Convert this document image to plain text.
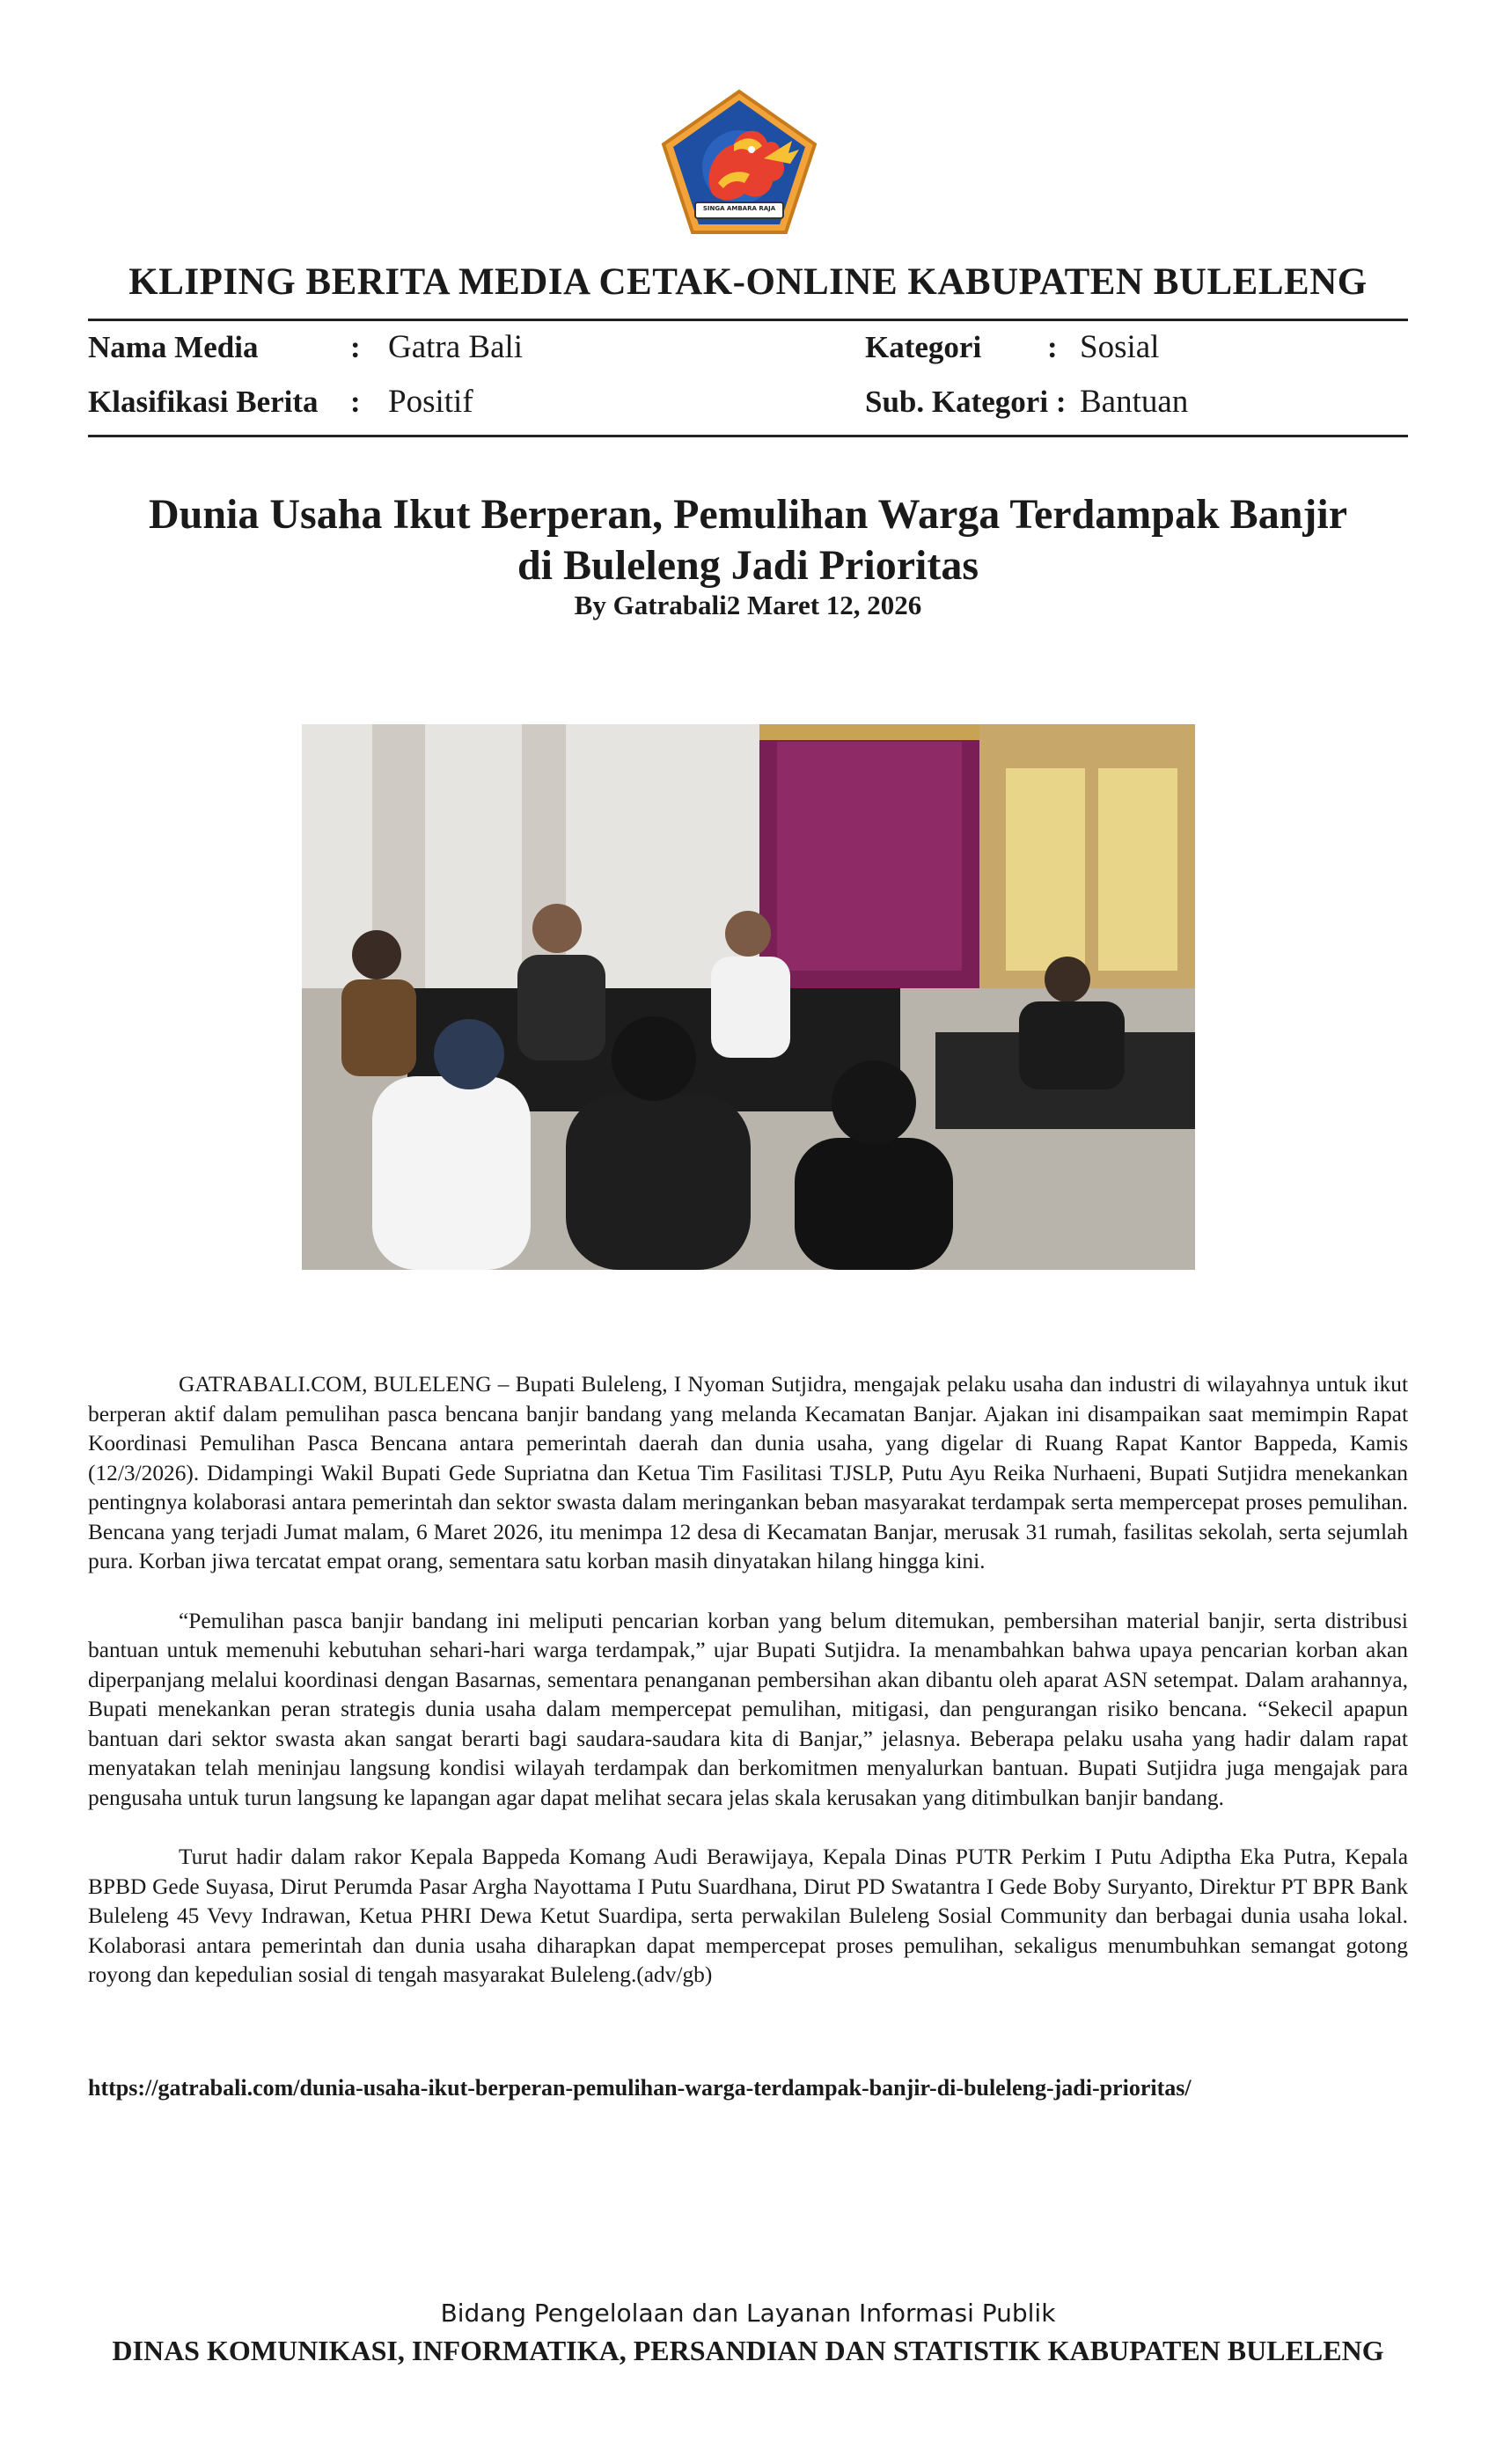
SINGA AMBARA RAJA
KLIPING BERITA MEDIA CETAK-ONLINE KABUPATEN BULELENG
Nama Media	: Gatra Bali
Klasifikasi Berita : Positif
Kategori : Sosial
Sub. Kategori : Bantuan
Dunia Usaha Ikut Berperan, Pemulihan Warga Terdampak Banjir
di Buleleng Jadi Prioritas
By Gatrabali2 Maret 12, 2026

GATRABALI.COM, BULELENG – Bupati Buleleng, I Nyoman Sutjidra, mengajak pelaku usaha dan industri di wilayahnya untuk ikut berperan aktif dalam pemulihan pasca bencana banjir bandang yang melanda Kecamatan Banjar. Ajakan ini disampaikan saat memimpin Rapat Koordinasi Pemulihan Pasca Bencana antara pemerintah daerah dan dunia usaha, yang digelar di Ruang Rapat Kantor Bappeda, Kamis (12/3/2026). Didampingi Wakil Bupati Gede Supriatna dan Ketua Tim Fasilitasi TJSLP, Putu Ayu Reika Nurhaeni, Bupati Sutjidra menekankan pentingnya kolaborasi antara pemerintah dan sektor swasta dalam meringankan beban masyarakat terdampak serta mempercepat proses pemulihan. Bencana yang terjadi Jumat malam, 6 Maret 2026, itu menimpa 12 desa di Kecamatan Banjar, merusak 31 rumah, fasilitas sekolah, serta sejumlah pura. Korban jiwa tercatat empat orang, sementara satu korban masih dinyatakan hilang hingga kini.

“Pemulihan pasca banjir bandang ini meliputi pencarian korban yang belum ditemukan, pembersihan material banjir, serta distribusi bantuan untuk memenuhi kebutuhan sehari-hari warga terdampak,” ujar Bupati Sutjidra. Ia menambahkan bahwa upaya pencarian korban akan diperpanjang melalui koordinasi dengan Basarnas, sementara penanganan pembersihan akan dibantu oleh aparat ASN setempat. Dalam arahannya, Bupati menekankan peran strategis dunia usaha dalam mempercepat pemulihan, mitigasi, dan pengurangan risiko bencana. “Sekecil apapun bantuan dari sektor swasta akan sangat berarti bagi saudara-saudara kita di Banjar,” jelasnya. Beberapa pelaku usaha yang hadir dalam rapat menyatakan telah meninjau langsung kondisi wilayah terdampak dan berkomitmen menyalurkan bantuan. Bupati Sutjidra juga mengajak para pengusaha untuk turun langsung ke lapangan agar dapat melihat secara jelas skala kerusakan yang ditimbulkan banjir bandang.

Turut hadir dalam rakor Kepala Bappeda Komang Audi Berawijaya, Kepala Dinas PUTR Perkim I Putu Adiptha Eka Putra, Kepala BPBD Gede Suyasa, Dirut Perumda Pasar Argha Nayottama I Putu Suardhana, Dirut PD Swatantra I Gede Boby Suryanto, Direktur PT BPR Bank Buleleng 45 Vevy Indrawan, Ketua PHRI Dewa Ketut Suardipa, serta perwakilan Buleleng Sosial Community dan berbagai dunia usaha lokal. Kolaborasi antara pemerintah dan dunia usaha diharapkan dapat mempercepat proses pemulihan, sekaligus menumbuhkan semangat gotong royong dan kepedulian sosial di tengah masyarakat Buleleng.(adv/gb)

https://gatrabali.com/dunia-usaha-ikut-berperan-pemulihan-warga-terdampak-banjir-di-buleleng-jadi-prioritas/
Bidang Pengelolaan dan Layanan Informasi Publik
DINAS KOMUNIKASI, INFORMATIKA, PERSANDIAN DAN STATISTIK KABUPATEN BULELENG
